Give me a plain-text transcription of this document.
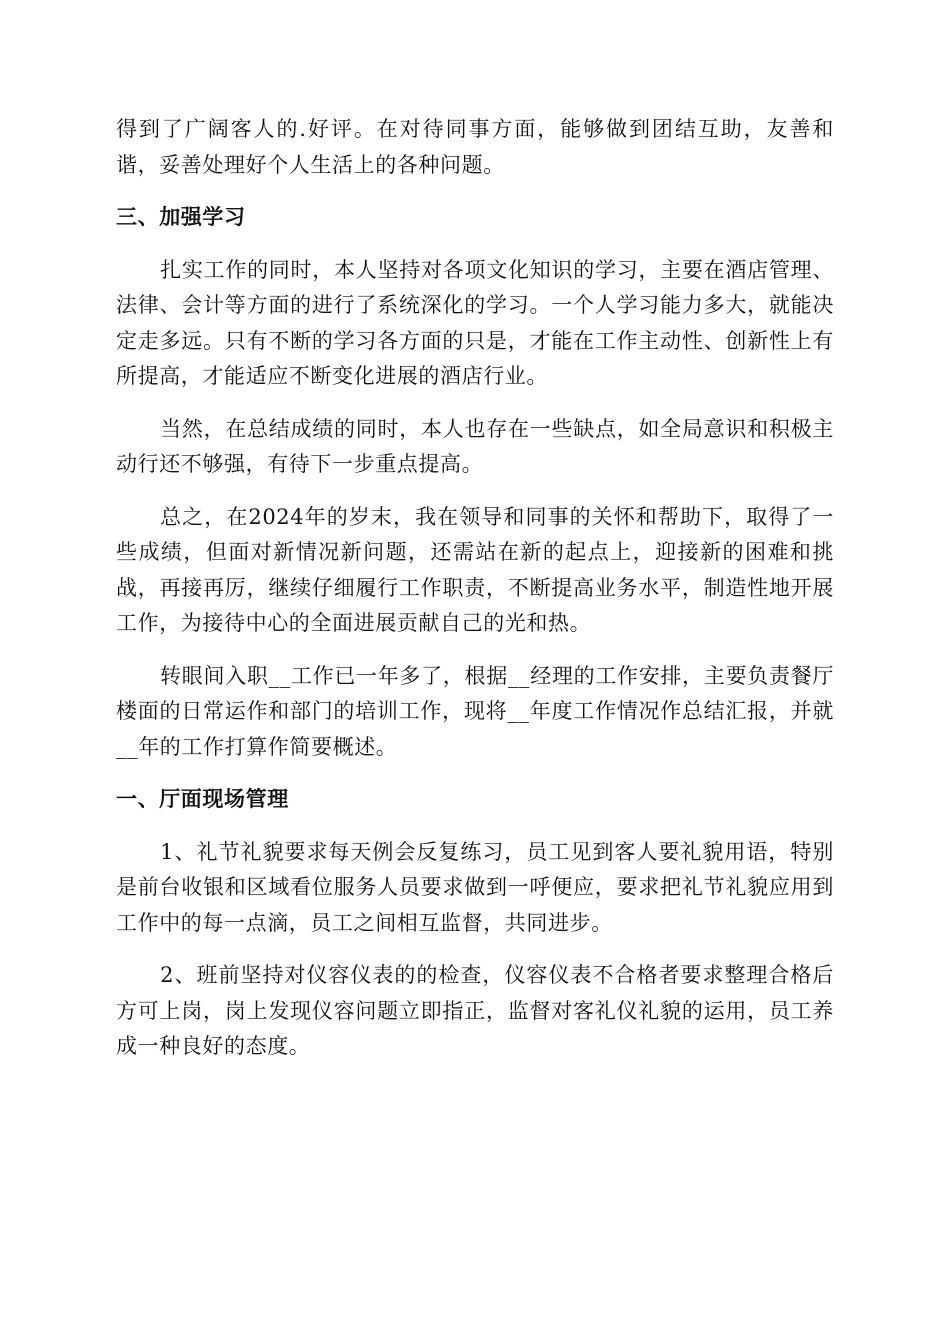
得到了广阔客人的.好评。在对待同事方面，能够做到团结互助，友善和谐，妥善处理好个人生活上的各种问题。

三、加强学习

扎实工作的同时，本人坚持对各项文化知识的学习，主要在酒店管理、法律、会计等方面的进行了系统深化的学习。一个人学习能力多大，就能决定走多远。只有不断的学习各方面的只是，才能在工作主动性、创新性上有所提高，才能适应不断变化进展的酒店行业。

当然，在总结成绩的同时，本人也存在一些缺点，如全局意识和积极主动行还不够强，有待下一步重点提高。

总之，在2024年的岁末，我在领导和同事的关怀和帮助下，取得了一些成绩，但面对新情况新问题，还需站在新的起点上，迎接新的困难和挑战，再接再厉，继续仔细履行工作职责，不断提高业务水平，制造性地开展工作，为接待中心的全面进展贡献自己的光和热。

转眼间入职__工作已一年多了，根据__经理的工作安排，主要负责餐厅楼面的日常运作和部门的培训工作，现将__年度工作情况作总结汇报，并就__年的工作打算作简要概述。

一、厅面现场管理

1、礼节礼貌要求每天例会反复练习，员工见到客人要礼貌用语，特别是前台收银和区域看位服务人员要求做到一呼便应，要求把礼节礼貌应用到工作中的每一点滴，员工之间相互监督，共同进步。

2、班前坚持对仪容仪表的的检查，仪容仪表不合格者要求整理合格后方可上岗，岗上发现仪容问题立即指正，监督对客礼仪礼貌的运用，员工养成一种良好的态度。
